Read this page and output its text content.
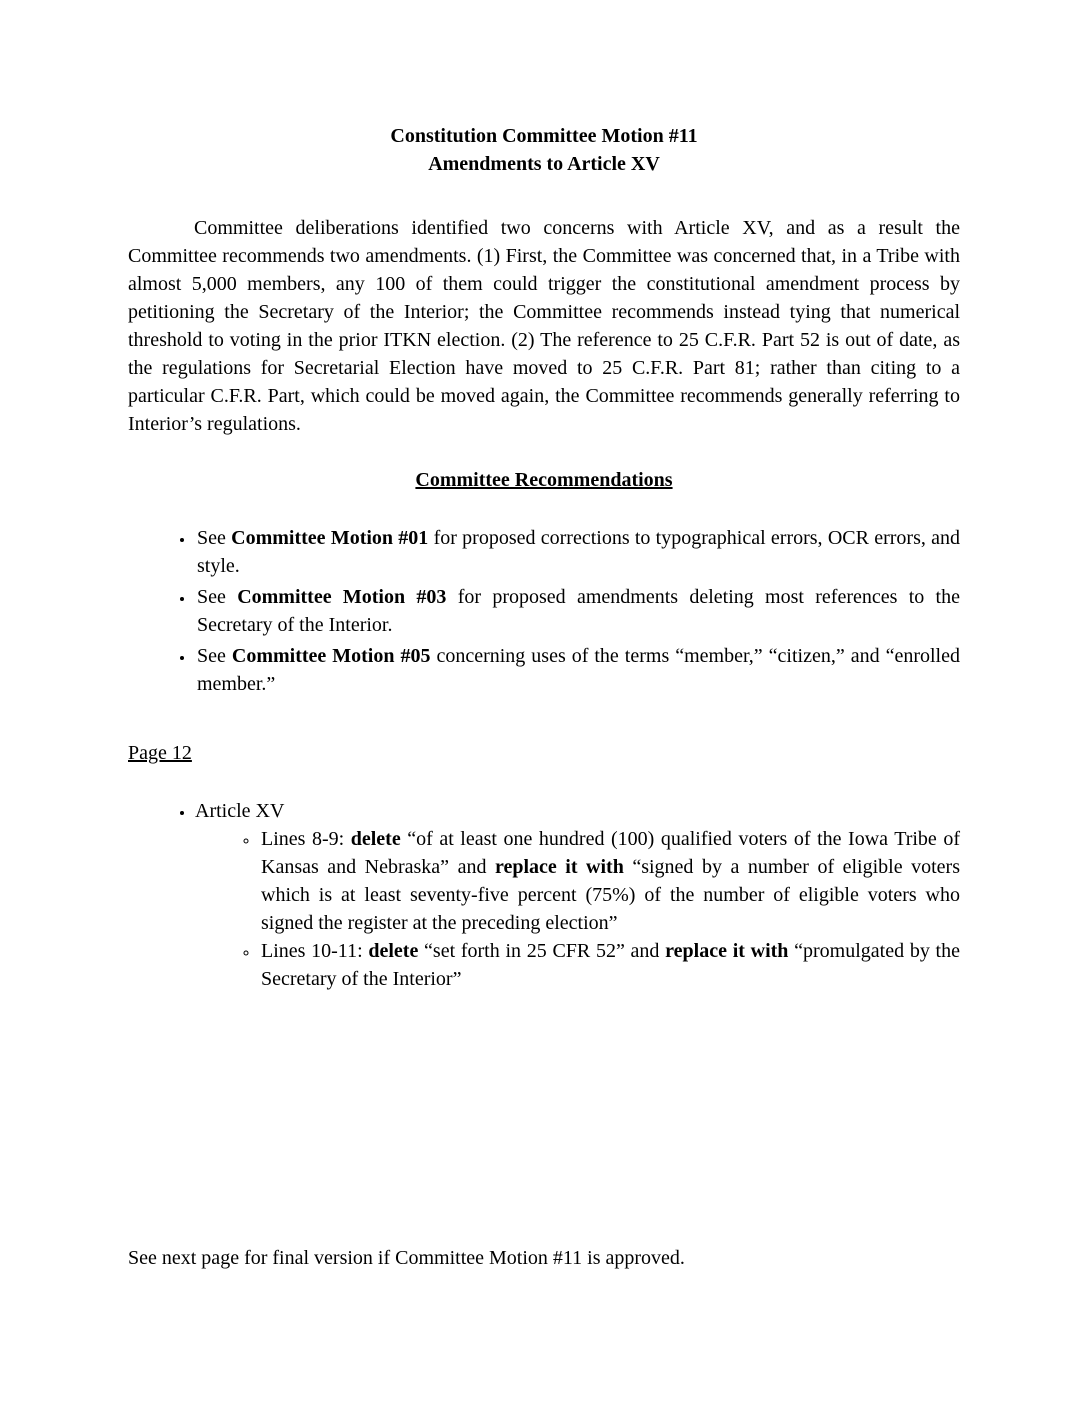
Constitution Committee Motion #11
Amendments to Article XV

Committee deliberations identified two concerns with Article XV, and as a result the Committee recommends two amendments. (1) First, the Committee was concerned that, in a Tribe with almost 5,000 members, any 100 of them could trigger the constitutional amendment process by petitioning the Secretary of the Interior; the Committee recommends instead tying that numerical threshold to voting in the prior ITKN election. (2) The reference to 25 C.F.R. Part 52 is out of date, as the regulations for Secretarial Election have moved to 25 C.F.R. Part 81; rather than citing to a particular C.F.R. Part, which could be moved again, the Committee recommends generally referring to Interior’s regulations.

Committee Recommendations
• See Committee Motion #01 for proposed corrections to typographical errors, OCR errors, and style.
• See Committee Motion #03 for proposed amendments deleting most references to the Secretary of the Interior.
• See Committee Motion #05 concerning uses of the terms “member,” “citizen,” and “enrolled member.”
Page 12
• Article XV
◦ Lines 8-9: delete “of at least one hundred (100) qualified voters of the Iowa Tribe of Kansas and Nebraska” and replace it with “signed by a number of eligible voters which is at least seventy-five percent (75%) of the number of eligible voters who signed the register at the preceding election”
◦ Lines 10-11: delete “set forth in 25 CFR 52” and replace it with “promulgated by the Secretary of the Interior”
See next page for final version if Committee Motion #11 is approved.
